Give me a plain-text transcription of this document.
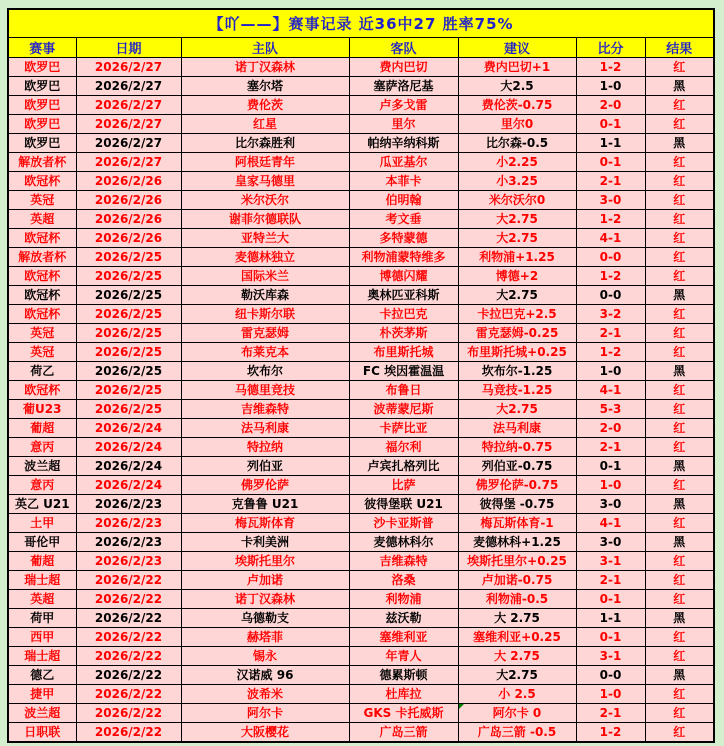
【吖——】赛事记录 近36中27 胜率75%						
赛事	日期	主队	客队	建议	比分	结果
欧罗巴	2026/2/27	诺丁汉森林	费内巴切	费内巴切+1	1-2	红
欧罗巴	2026/2/27	塞尔塔	塞萨洛尼基	大2.5	1-0	黑
欧罗巴	2026/2/27	费伦茨	卢多戈雷	费伦茨-0.75	2-0	红
欧罗巴	2026/2/27	红星	里尔	里尔0	0-1	红
欧罗巴	2026/2/27	比尔森胜利	帕纳辛纳科斯	比尔森-0.5	1-1	黑
解放者杯	2026/2/27	阿根廷青年	瓜亚基尔	小2.25	0-1	红
欧冠杯	2026/2/26	皇家马德里	本菲卡	小3.25	2-1	红
英冠	2026/2/26	米尔沃尔	伯明翰	米尔沃尔0	3-0	红
英超	2026/2/26	谢菲尔德联队	考文垂	大2.75	1-2	红
欧冠杯	2026/2/26	亚特兰大	多特蒙德	大2.75	4-1	红
解放者杯	2026/2/25	麦德林独立	利物浦蒙特维多	利物浦+1.25	0-0	红
欧冠杯	2026/2/25	国际米兰	博德闪耀	博德+2	1-2	红
欧冠杯	2026/2/25	勒沃库森	奥林匹亚科斯	大2.75	0-0	黑
欧冠杯	2026/2/25	纽卡斯尔联	卡拉巴克	卡拉巴克+2.5	3-2	红
英冠	2026/2/25	雷克瑟姆	朴茨茅斯	雷克瑟姆-0.25	2-1	红
英冠	2026/2/25	布莱克本	布里斯托城	布里斯托城+0.25	1-2	红
荷乙	2026/2/25	坎布尔	FC 埃因霍温温	坎布尔-1.25	1-0	黑
欧冠杯	2026/2/25	马德里竞技	布鲁日	马竞技-1.25	4-1	红
葡U23	2026/2/25	吉维森特	波蒂蒙尼斯	大2.75	5-3	红
葡超	2026/2/24	法马利康	卡萨比亚	法马利康	2-0	红
意丙	2026/2/24	特拉纳	福尔利	特拉纳-0.75	2-1	红
波兰超	2026/2/24	列伯亚	卢宾扎格列比	列伯亚-0.75	0-1	黑
意丙	2026/2/24	佛罗伦萨	比萨	佛罗伦萨-0.75	1-0	红
英乙 U21	2026/2/23	克鲁鲁 U21	彼得堡联 U21	彼得堡 -0.75	3-0	黑
土甲	2026/2/23	梅瓦斯体育	沙卡亚斯普	梅瓦斯体育-1	4-1	红
哥伦甲	2026/2/23	卡利美洲	麦德林科尔	麦德林科+1.25	3-0	黑
葡超	2026/2/23	埃斯托里尔	吉维森特	埃斯托里尔+0.25	3-1	红
瑞士超	2026/2/22	卢加诺	洛桑	卢加诺-0.75	2-1	红
英超	2026/2/22	诺丁汉森林	利物浦	利物浦-0.5	0-1	红
荷甲	2026/2/22	乌德勒支	兹沃勒	大 2.75	1-1	黑
西甲	2026/2/22	赫塔菲	塞维利亚	塞维利亚+0.25	0-1	红
瑞士超	2026/2/22	锡永	年青人	大 2.75	3-1	红
德乙	2026/2/22	汉诺威 96	德累斯顿	大2.75	0-0	黑
捷甲	2026/2/22	波希米	杜库拉	小 2.5	1-0	红
波兰超	2026/2/22	阿尔卡	GKS 卡托威斯	阿尔卡 0	2-1	红
日职联	2026/2/22	大阪樱花	广岛三箭	广岛三箭 -0.5	1-2	红
